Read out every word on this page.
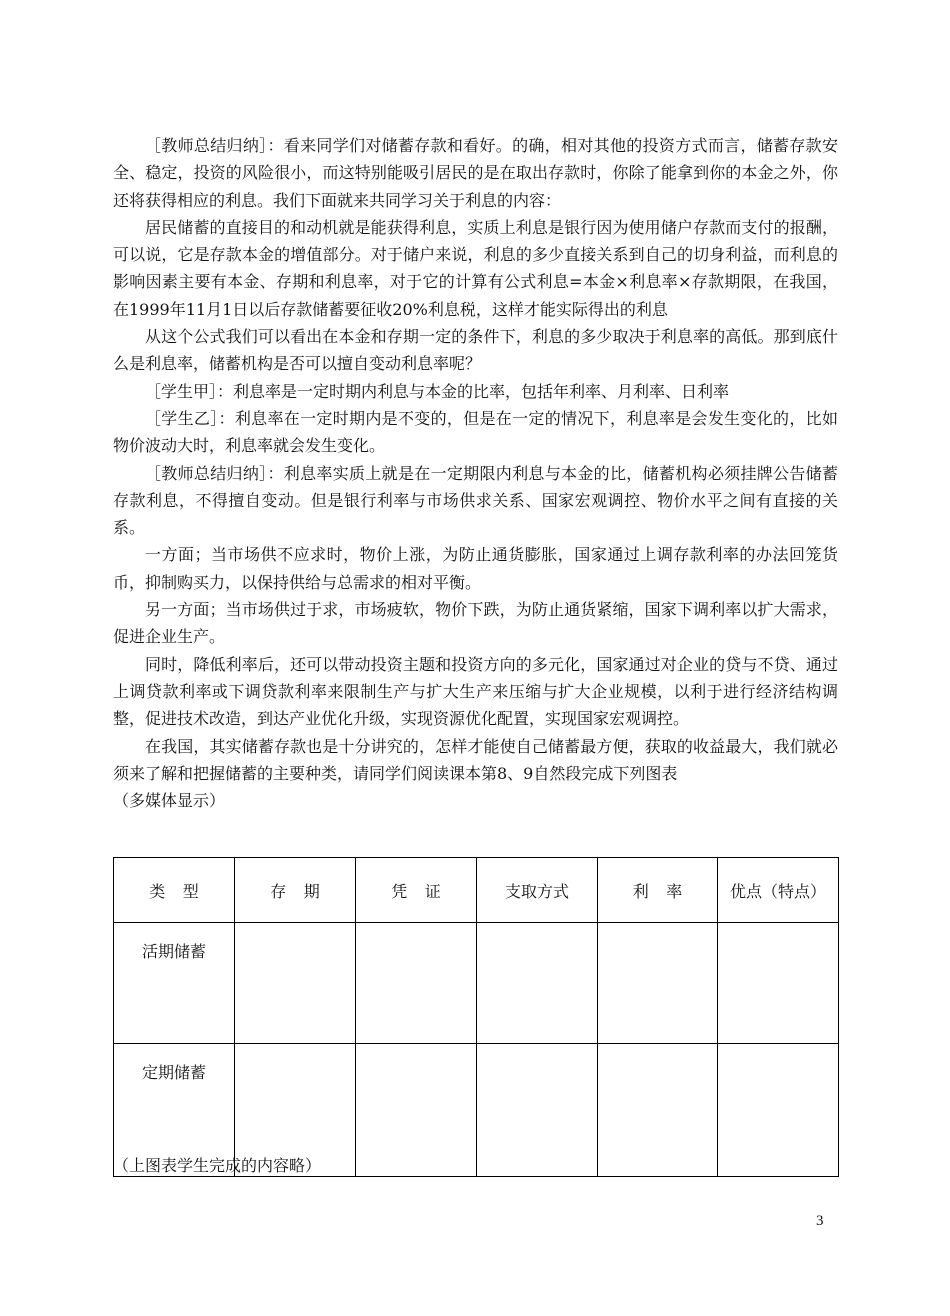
［教师总结归纳］：看来同学们对储蓄存款和看好。的确，相对其他的投资方式而言，储蓄存款安全、稳定，投资的风险很小，而这特别能吸引居民的是在取出存款时，你除了能拿到你的本金之外，你还将获得相应的利息。我们下面就来共同学习关于利息的内容：

居民储蓄的直接目的和动机就是能获得利息，实质上利息是银行因为使用储户存款而支付的报酬，可以说，它是存款本金的增值部分。对于储户来说，利息的多少直接关系到自己的切身利益，而利息的影响因素主要有本金、存期和利息率，对于它的计算有公式利息=本金×利息率×存款期限，在我国，在1999年11月1日以后存款储蓄要征收20%利息税，这样才能实际得出的利息

从这个公式我们可以看出在本金和存期一定的条件下，利息的多少取决于利息率的高低。那到底什么是利息率，储蓄机构是否可以擅自变动利息率呢？

［学生甲］：利息率是一定时期内利息与本金的比率，包括年利率、月利率、日利率

［学生乙］：利息率在一定时期内是不变的，但是在一定的情况下，利息率是会发生变化的，比如物价波动大时，利息率就会发生变化。

［教师总结归纳］：利息率实质上就是在一定期限内利息与本金的比，储蓄机构必须挂牌公告储蓄存款利息，不得擅自变动。但是银行利率与市场供求关系、国家宏观调控、物价水平之间有直接的关系。

一方面；当市场供不应求时，物价上涨，为防止通货膨胀，国家通过上调存款利率的办法回笼货币，抑制购买力，以保持供给与总需求的相对平衡。

另一方面；当市场供过于求，市场疲软，物价下跌，为防止通货紧缩，国家下调利率以扩大需求，促进企业生产。

同时，降低利率后，还可以带动投资主题和投资方向的多元化，国家通过对企业的贷与不贷、通过上调贷款利率或下调贷款利率来限制生产与扩大生产来压缩与扩大企业规模，以利于进行经济结构调整，促进技术改造，到达产业优化升级，实现资源优化配置，实现国家宏观调控。

在我国，其实储蓄存款也是十分讲究的，怎样才能使自己储蓄最方便，获取的收益最大，我们就必须来了解和把握储蓄的主要种类，请同学们阅读课本第8、9自然段完成下列图表

（多媒体显示）

类型	存期	凭证	支取方式	利率	优点（特点）
活期储蓄					
定期储蓄					
（上图表学生完成的内容略）
3
